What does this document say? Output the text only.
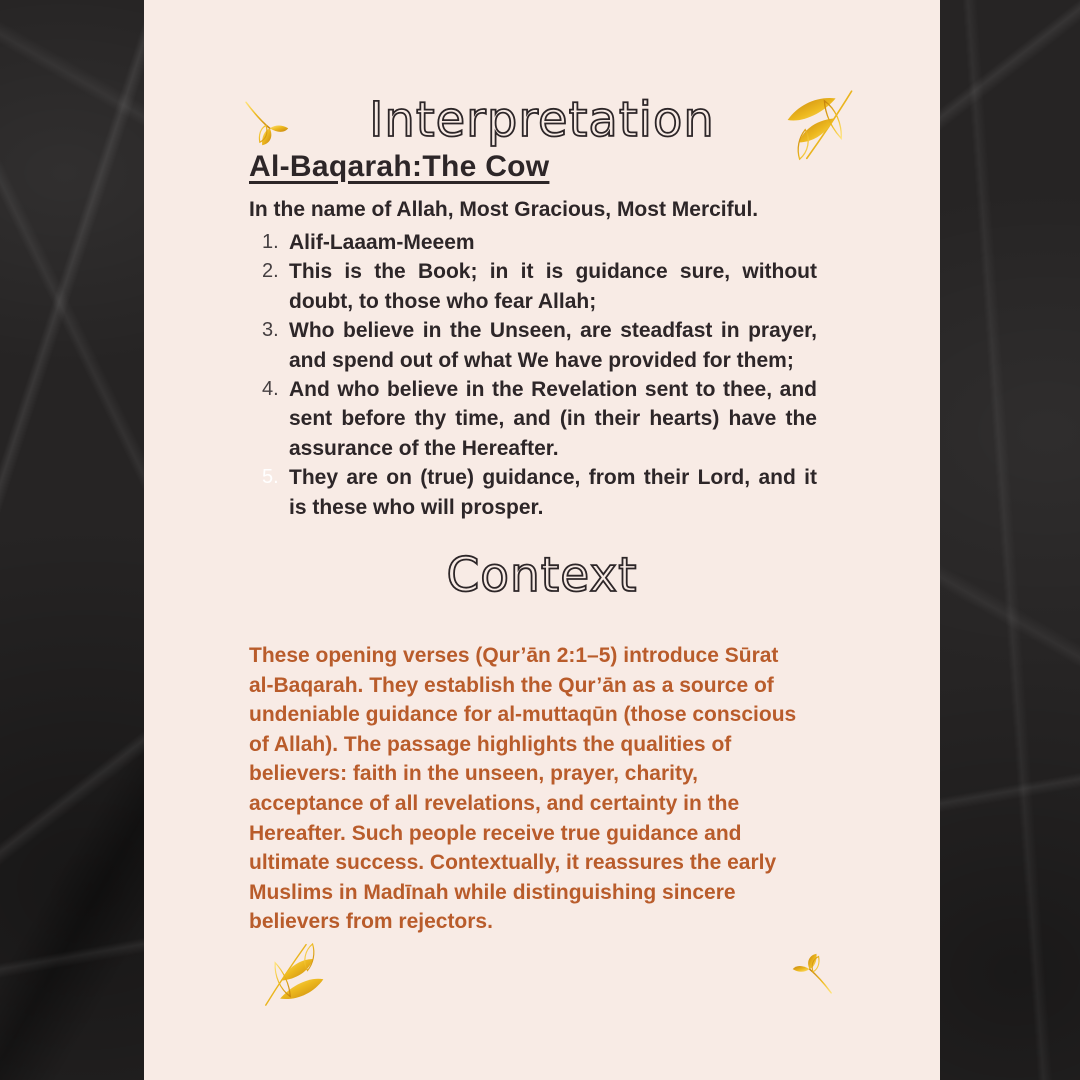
Interpretation
Al-Baqarah:The Cow

In the name of Allah, Most Gracious, Most Merciful.

1. Alif-Laaam-Meeem
2. This is the Book; in it is guidance sure, without doubt, to those who fear Allah;
3. Who believe in the Unseen, are steadfast in prayer, and spend out of what We have provided for them;
4. And who believe in the Revelation sent to thee, and sent before thy time, and (in their hearts) have the assurance of the Hereafter.
5. They are on (true) guidance, from their Lord, and it is these who will prosper.
Context

These opening verses (Qur’ān 2:1–5) introduce Sūrat al-Baqarah. They establish the Qur’ān as a source of undeniable guidance for al-muttaqūn (those conscious of Allah). The passage highlights the qualities of believers: faith in the unseen, prayer, charity, acceptance of all revelations, and certainty in the Hereafter. Such people receive true guidance and ultimate success. Contextually, it reassures the early Muslims in Madīnah while distinguishing sincere believers from rejectors.
